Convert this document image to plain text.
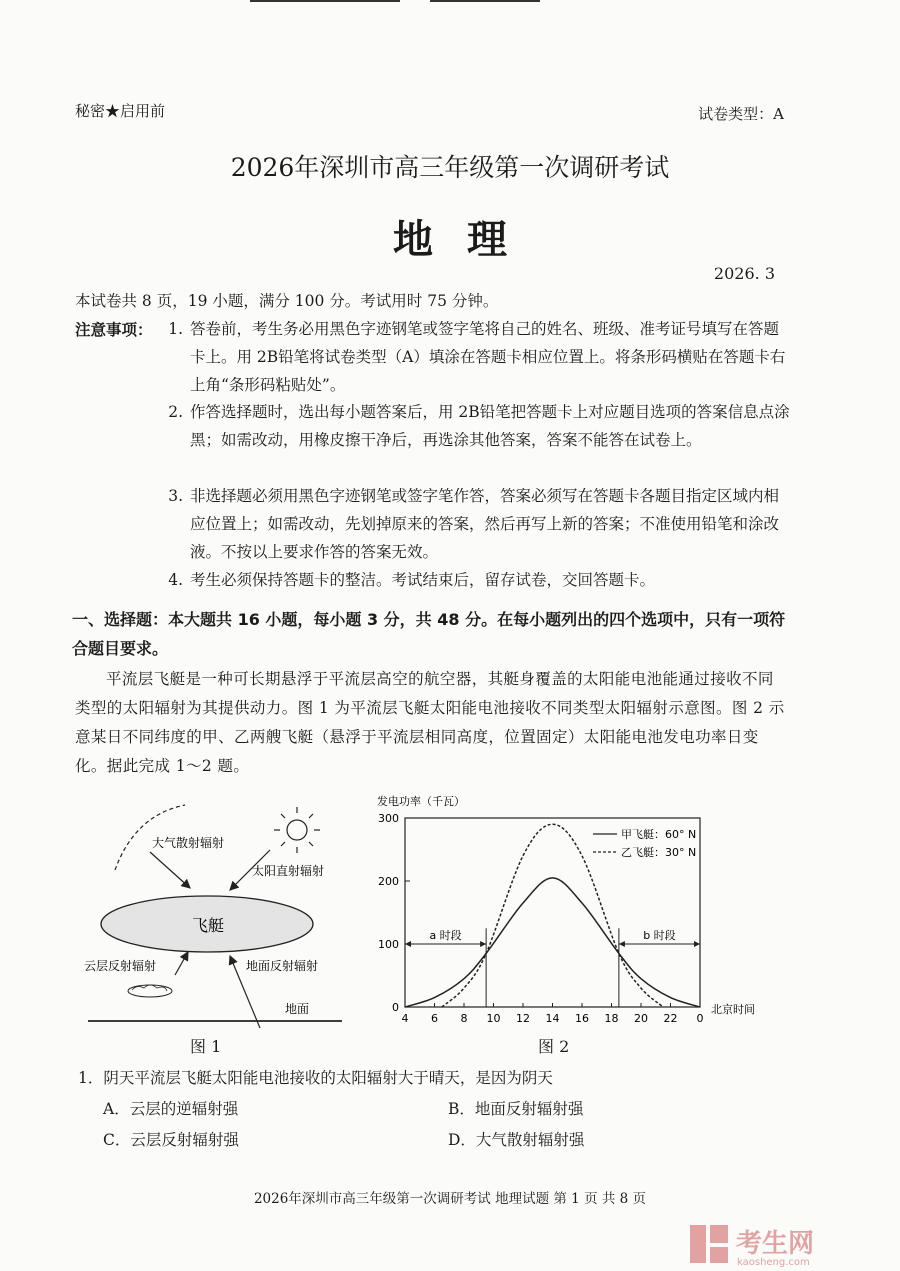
秘密★启用前	试卷类型：A
2026年深圳市高三年级第一次调研考试
地理
2026. 3
本试卷共 8 页，19 小题，满分 100 分。考试用时 75 分钟。
注意事项：	1. 答卷前，考生务必用黑色字迹钢笔或签字笔将自己的姓名、班级、准考证号填写在答题卡上。用 2B铅笔将试卷类型（A）填涂在答题卡相应位置上。将条形码横贴在答题卡右上角“条形码粘贴处”。
2. 作答选择题时，选出每小题答案后，用 2B铅笔把答题卡上对应题目选项的答案信息点涂黑；如需改动，用橡皮擦干净后，再选涂其他答案，答案不能答在试卷上。
3. 非选择题必须用黑色字迹钢笔或签字笔作答，答案必须写在答题卡各题目指定区域内相应位置上；如需改动，先划掉原来的答案，然后再写上新的答案；不准使用铅笔和涂改液。不按以上要求作答的答案无效。
4. 考生必须保持答题卡的整洁。考试结束后，留存试卷，交回答题卡。
一、选择题：本大题共 16 小题，每小题 3 分，共 48 分。在每小题列出的四个选项中，只有一项符合题目要求。
平流层飞艇是一种可长期悬浮于平流层高空的航空器，其艇身覆盖的太阳能电池能通过接收不同类型的太阳辐射为其提供动力。图 1 为平流层飞艇太阳能电池接收不同类型太阳辐射示意图。图 2 示意某日不同纬度的甲、乙两艘飞艇（悬浮于平流层相同高度，位置固定）太阳能电池发电功率日变化。据此完成 1～2 题。
大气散射辐射
太阳直射辐射
飞艇
云层反射辐射	地面反射辐射
地面
图 1
发电功率（千瓦）
北京时间
300
200
100
0
4 6 8 10 12 14 16 18 20 22 0
甲飞艇：60° N
乙飞艇：30° N
a 时段	b 时段
图 2
1．阴天平流层飞艇太阳能电池接收的太阳辐射大于晴天，是因为阴天
A．云层的逆辐射强	B．地面反射辐射强
C．云层反射辐射强	D．大气散射辐射强
2026年深圳市高三年级第一次调研考试 地理试题 第 1 页 共 8 页
考生网
kaosheng.com
